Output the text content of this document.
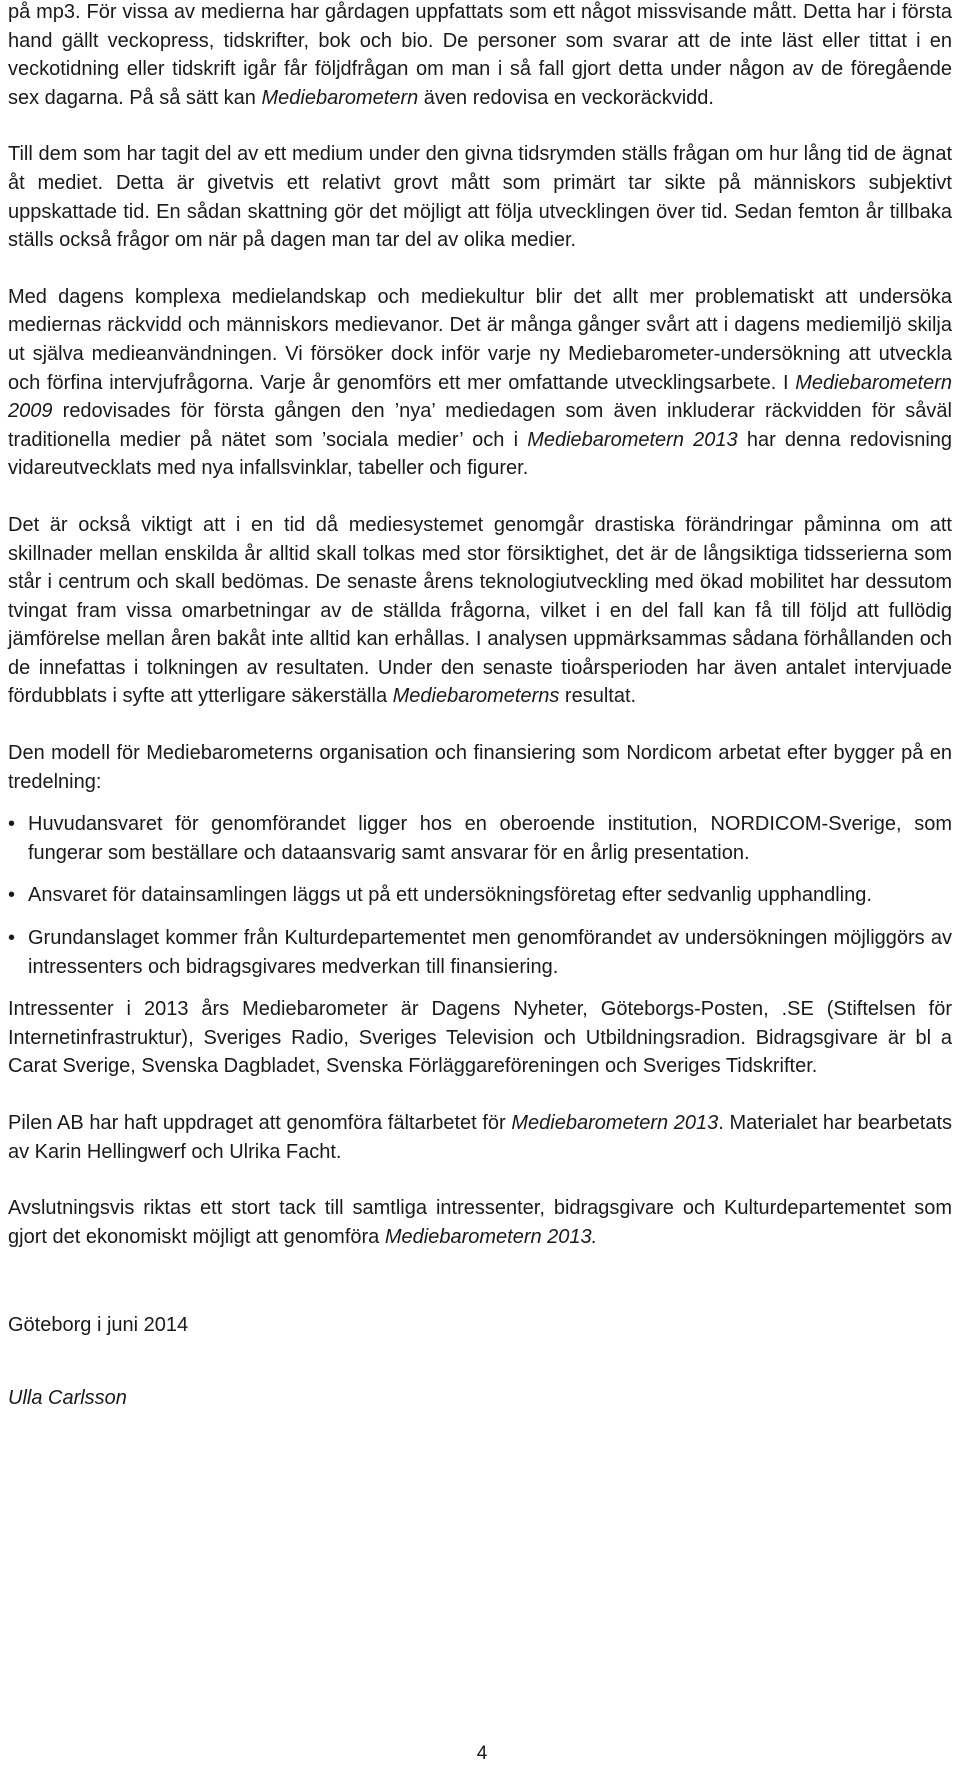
på mp3. För vissa av medierna har gårdagen uppfattats som ett något missvisande mått. Detta har i första hand gällt veckopress, tidskrifter, bok och bio. De personer som svarar att de inte läst eller tittat i en veckotidning eller tidskrift igår får följdfrågan om man i så fall gjort detta under någon av de föregående sex dagarna. På så sätt kan Mediebarometern även redovisa en veckoräckvidd.

Till dem som har tagit del av ett medium under den givna tidsrymden ställs frågan om hur lång tid de ägnat åt mediet. Detta är givetvis ett relativt grovt mått som primärt tar sikte på människors subjektivt uppskattade tid. En sådan skattning gör det möjligt att följa utvecklingen över tid. Sedan femton år tillbaka ställs också frågor om när på dagen man tar del av olika medier.

Med dagens komplexa medielandskap och mediekultur blir det allt mer problematiskt att undersöka mediernas räckvidd och människors medievanor. Det är många gånger svårt att i dagens mediemiljö skilja ut själva medieanvändningen. Vi försöker dock inför varje ny Mediebarometer-undersökning att utveckla och förfina intervjufrågorna. Varje år genomförs ett mer omfattande utvecklingsarbete. I Mediebarometern 2009 redovisades för första gången den ’nya’ mediedagen som även inkluderar räckvidden för såväl traditionella medier på nätet som ’sociala medier’ och i Mediebarometern 2013 har denna redovisning vidareutvecklats med nya infallsvinklar, tabeller och figurer.

Det är också viktigt att i en tid då mediesystemet genomgår drastiska förändringar påminna om att skillnader mellan enskilda år alltid skall tolkas med stor försiktighet, det är de långsiktiga tidsserierna som står i centrum och skall bedömas. De senaste årens teknologiutveckling med ökad mobilitet har dessutom tvingat fram vissa omarbetningar av de ställda frågorna, vilket i en del fall kan få till följd att fullödig jämförelse mellan åren bakåt inte alltid kan erhållas. I analysen uppmärksammas sådana förhållanden och de innefattas i tolkningen av resultaten. Under den senaste tioårsperioden har även antalet intervjuade fördubblats i syfte att ytterligare säkerställa Mediebarometerns resultat.

Den modell för Mediebarometerns organisation och finansiering som Nordicom arbetat efter bygger på en tredelning:

• Huvudansvaret för genomförandet ligger hos en oberoende institution, NORDICOM-Sverige, som fungerar som beställare och dataansvarig samt ansvarar för en årlig presentation.
• Ansvaret för datainsamlingen läggs ut på ett undersökningsföretag efter sedvanlig upphandling.
• Grundanslaget kommer från Kulturdepartementet men genomförandet av undersökningen möjliggörs av intressenters och bidragsgivares medverkan till finansiering.

Intressenter i 2013 års Mediebarometer är Dagens Nyheter, Göteborgs-Posten, .SE (Stiftelsen för Internetinfrastruktur), Sveriges Radio, Sveriges Television och Utbildningsradion. Bidragsgivare är bl a Carat Sverige, Svenska Dagbladet, Svenska Förläggareföreningen och Sveriges Tidskrifter.

Pilen AB har haft uppdraget att genomföra fältarbetet för Mediebarometern 2013. Materialet har bearbetats av Karin Hellingwerf och Ulrika Facht.

Avslutningsvis riktas ett stort tack till samtliga intressenter, bidragsgivare och Kulturdepartementet som gjort det ekonomiskt möjligt att genomföra Mediebarometern 2013.

Göteborg i juni 2014
Ulla Carlsson
4
